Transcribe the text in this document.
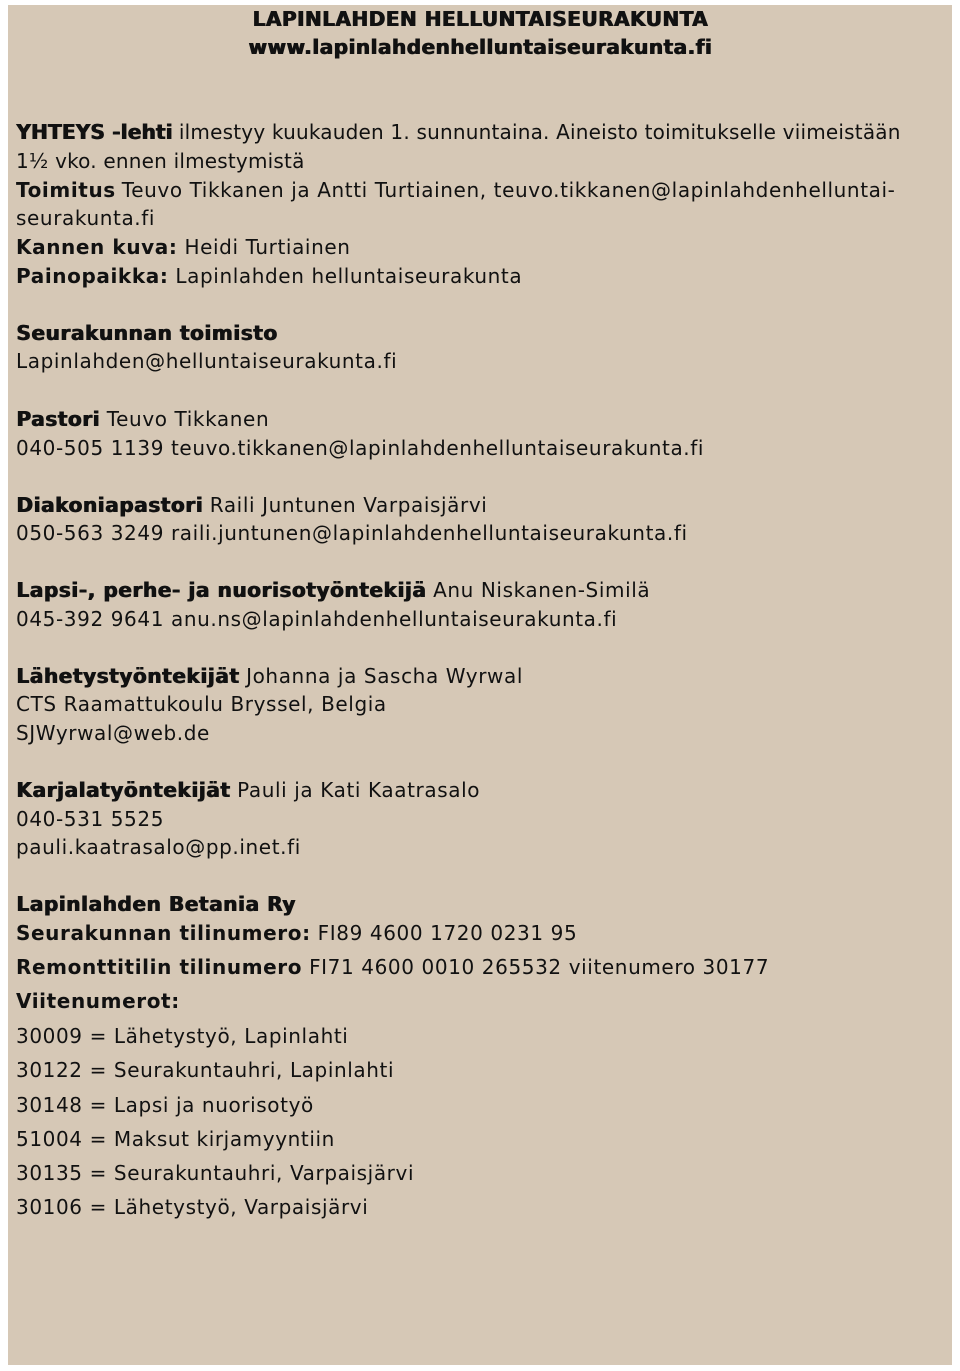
LAPINLAHDEN HELLUNTAISEURAKUNTA
www.lapinlahdenhelluntaiseurakunta.fi
YHTEYS -lehti ilmestyy kuukauden 1. sunnuntaina. Aineisto toimitukselle viimeistään
1½ vko. ennen ilmestymistä
Toimitus Teuvo Tikkanen ja Antti Turtiainen, teuvo.tikkanen@lapinlahdenhelluntai-
seurakunta.fi
Kannen kuva: Heidi Turtiainen
Painopaikka: Lapinlahden helluntaiseurakunta
Seurakunnan toimisto
Lapinlahden@helluntaiseurakunta.fi
Pastori Teuvo Tikkanen
040-505 1139 teuvo.tikkanen@lapinlahdenhelluntaiseurakunta.fi
Diakoniapastori Raili Juntunen Varpaisjärvi
050-563 3249 raili.juntunen@lapinlahdenhelluntaiseurakunta.fi
Lapsi-, perhe- ja nuorisotyöntekijä Anu Niskanen-Similä
045-392 9641 anu.ns@lapinlahdenhelluntaiseurakunta.fi
Lähetystyöntekijät Johanna ja Sascha Wyrwal
CTS Raamattukoulu Bryssel, Belgia
SJWyrwal@web.de
Karjalatyöntekijät Pauli ja Kati Kaatrasalo
040-531 5525
pauli.kaatrasalo@pp.inet.fi
Lapinlahden Betania Ry
Seurakunnan tilinumero: FI89 4600 1720 0231 95
Remonttitilin tilinumero FI71 4600 0010 265532 viitenumero 30177
Viitenumerot:
30009 = Lähetystyö, Lapinlahti
30122 = Seurakuntauhri, Lapinlahti
30148 = Lapsi ja nuorisotyö
51004 = Maksut kirjamyyntiin
30135 = Seurakuntauhri, Varpaisjärvi
30106 = Lähetystyö, Varpaisjärvi
